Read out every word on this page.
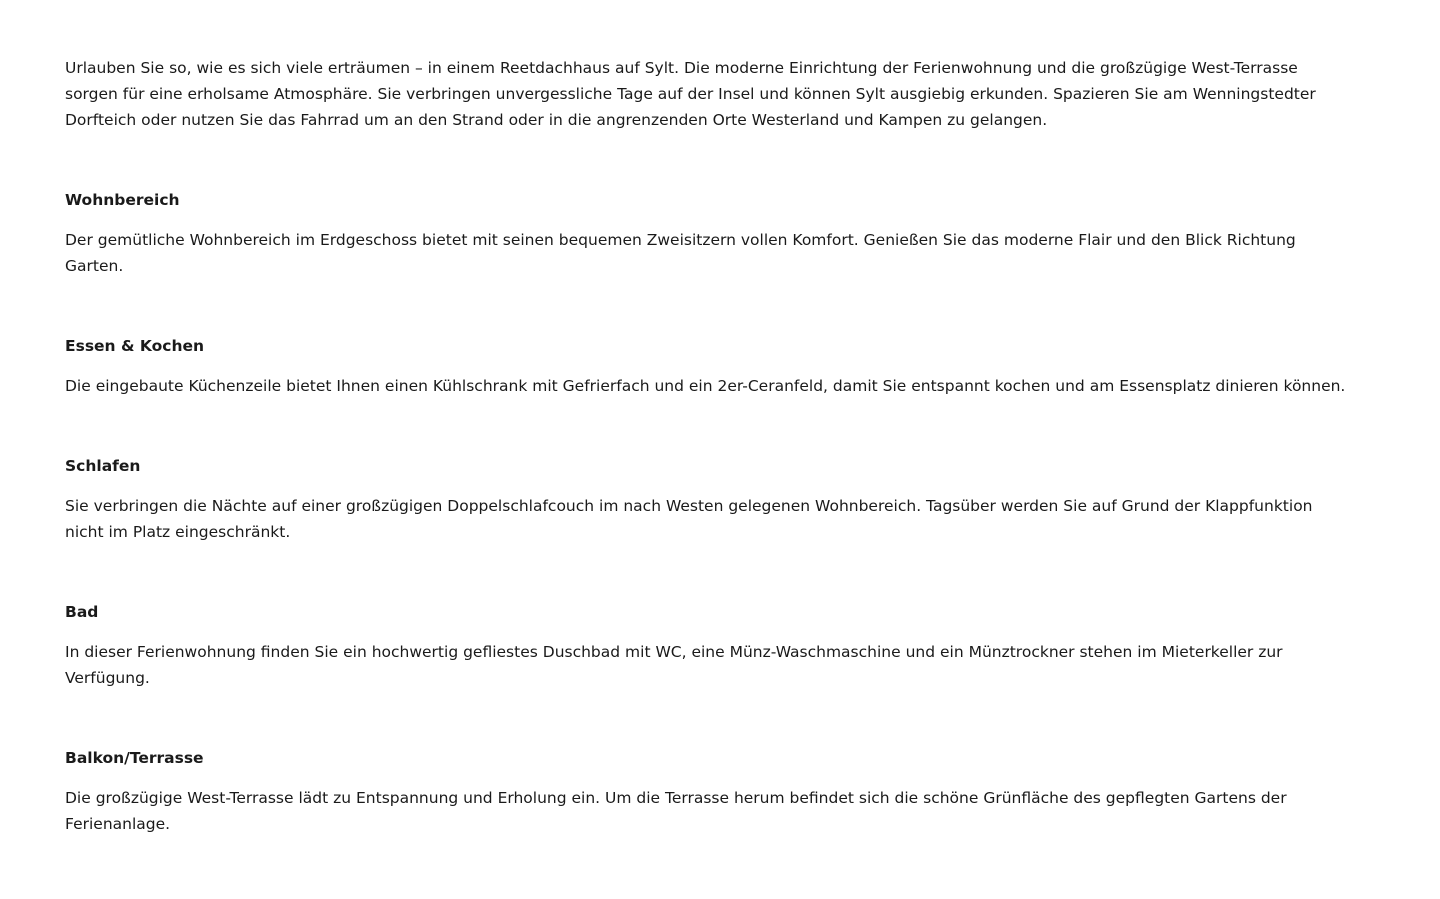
Urlauben Sie so, wie es sich viele erträumen – in einem Reetdachhaus auf Sylt. Die moderne Einrichtung der Ferienwohnung und die großzügige West-Terrasse sorgen für eine erholsame Atmosphäre. Sie verbringen unvergessliche Tage auf der Insel und können Sylt ausgiebig erkunden. Spazieren Sie am Wenningstedter Dorfteich oder nutzen Sie das Fahrrad um an den Strand oder in die angrenzenden Orte Westerland und Kampen zu gelangen.

Wohnbereich

Der gemütliche Wohnbereich im Erdgeschoss bietet mit seinen bequemen Zweisitzern vollen Komfort. Genießen Sie das moderne Flair und den Blick Richtung Garten.

Essen & Kochen

Die eingebaute Küchenzeile bietet Ihnen einen Kühlschrank mit Gefrierfach und ein 2er-Ceranfeld, damit Sie entspannt kochen und am Essensplatz dinieren können.

Schlafen

Sie verbringen die Nächte auf einer großzügigen Doppelschlafcouch im nach Westen gelegenen Wohnbereich. Tagsüber werden Sie auf Grund der Klappfunktion nicht im Platz eingeschränkt.

Bad

In dieser Ferienwohnung finden Sie ein hochwertig gefliestes Duschbad mit WC, eine Münz-Waschmaschine und ein Münztrockner stehen im Mieterkeller zur Verfügung.

Balkon/Terrasse

Die großzügige West-Terrasse lädt zu Entspannung und Erholung ein. Um die Terrasse herum befindet sich die schöne Grünfläche des gepflegten Gartens der Ferienanlage.
